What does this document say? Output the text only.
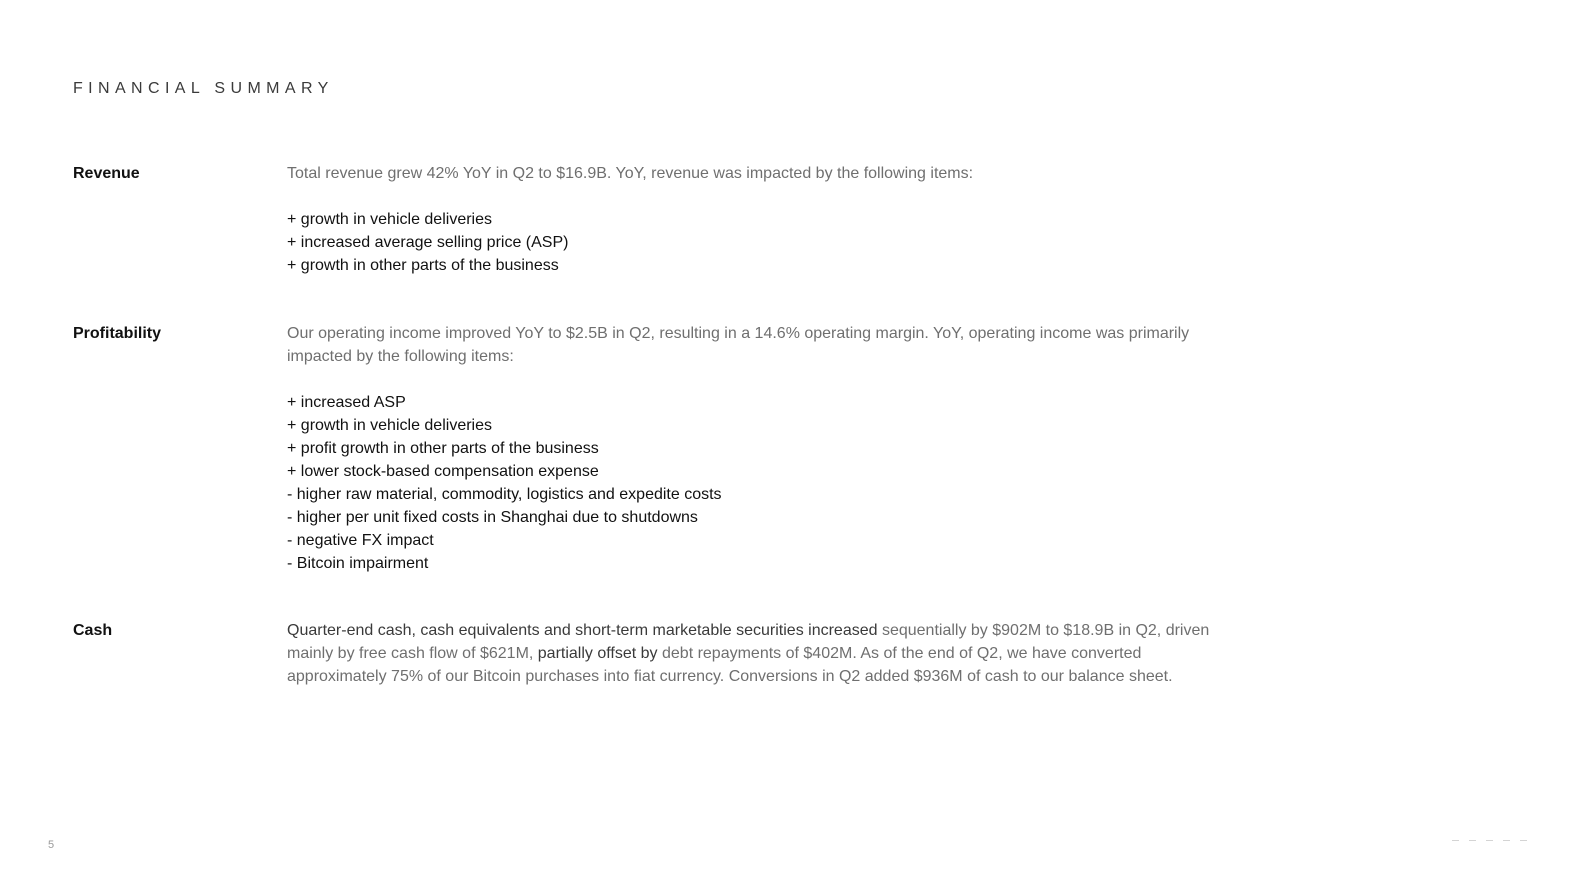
FINANCIAL SUMMARY
Revenue	Total revenue grew 42% YoY in Q2 to $16.9B. YoY, revenue was impacted by the following items:

+ growth in vehicle deliveries
+ increased average selling price (ASP)
+ growth in other parts of the business
Profitability	Our operating income improved YoY to $2.5B in Q2, resulting in a 14.6% operating margin. YoY, operating income was primarily impacted by the following items:

+ increased ASP
+ growth in vehicle deliveries
+ profit growth in other parts of the business
+ lower stock-based compensation expense
- higher raw material, commodity, logistics and expedite costs
- higher per unit fixed costs in Shanghai due to shutdowns
- negative FX impact
- Bitcoin impairment
Cash	Quarter-end cash, cash equivalents and short-term marketable securities increased sequentially by $902M to $18.9B in Q2, driven mainly by free cash flow of $621M, partially offset by debt repayments of $402M. As of the end of Q2, we have converted approximately 75% of our Bitcoin purchases into fiat currency. Conversions in Q2 added $936M of cash to our balance sheet.

5
